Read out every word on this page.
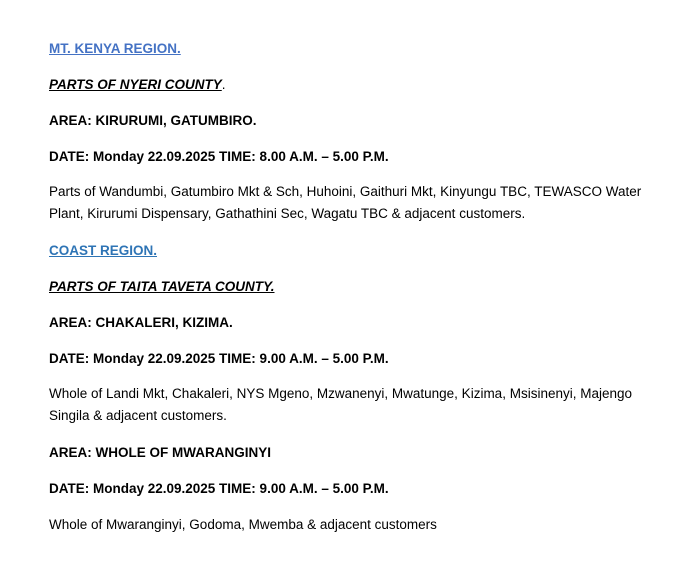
MT. KENYA REGION.
PARTS OF NYERI COUNTY.
AREA: KIRURUMI, GATUMBIRO.
DATE: Monday 22.09.2025 TIME: 8.00 A.M. – 5.00 P.M.
Parts of Wandumbi, Gatumbiro Mkt & Sch, Huhoini, Gaithuri Mkt, Kinyungu TBC, TEWASCO Water Plant, Kirurumi Dispensary, Gathathini Sec, Wagatu TBC & adjacent customers.
COAST REGION.
PARTS OF TAITA TAVETA COUNTY.
AREA: CHAKALERI, KIZIMA.
DATE: Monday 22.09.2025 TIME: 9.00 A.M. – 5.00 P.M.
Whole of Landi Mkt, Chakaleri, NYS Mgeno, Mzwanenyi, Mwatunge, Kizima, Msisinenyi, Majengo Singila & adjacent customers.
AREA: WHOLE OF MWARANGINYI
DATE: Monday 22.09.2025 TIME: 9.00 A.M. – 5.00 P.M.
Whole of Mwaranginyi, Godoma, Mwemba & adjacent customers
